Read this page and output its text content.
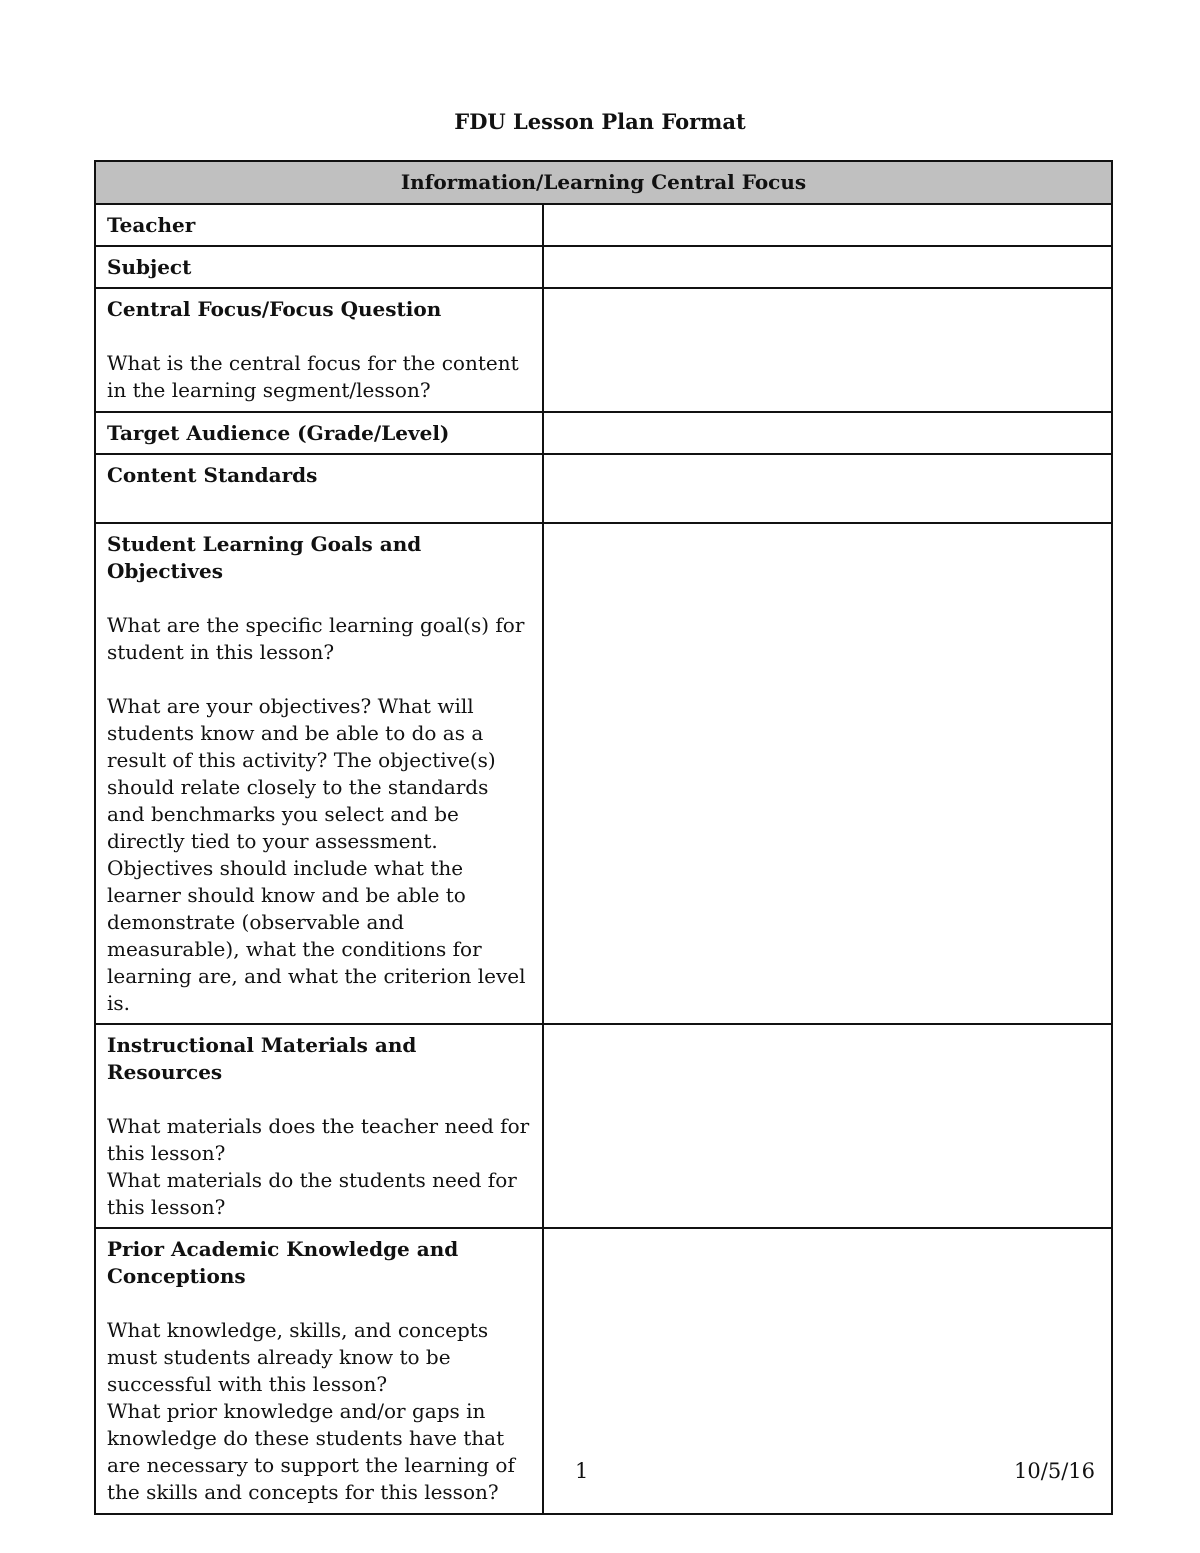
FDU Lesson Plan Format
Information/Learning Central Focus	

Teacher	

Subject	

Central Focus/Focus Question

What is the central focus for the content in the learning segment/lesson?	

Target Audience (Grade/Level)	

Content Standards	

Student Learning Goals and Objectives

What are the specific learning goal(s) for student in this lesson?

What are your objectives? What will students know and be able to do as a result of this activity? The objective(s) should relate closely to the standards and benchmarks you select and be directly tied to your assessment. Objectives should include what the learner should know and be able to demonstrate (observable and measurable), what the conditions for learning are, and what the criterion level is.	

Instructional Materials and Resources

What materials does the teacher need for this lesson?

What materials do the students need for this lesson?	

Prior Academic Knowledge and Conceptions

What knowledge, skills, and concepts must students already know to be successful with this lesson?

What prior knowledge and/or gaps in knowledge do these students have that are necessary to support the learning of the skills and concepts for this lesson?	

1	10/5/16
